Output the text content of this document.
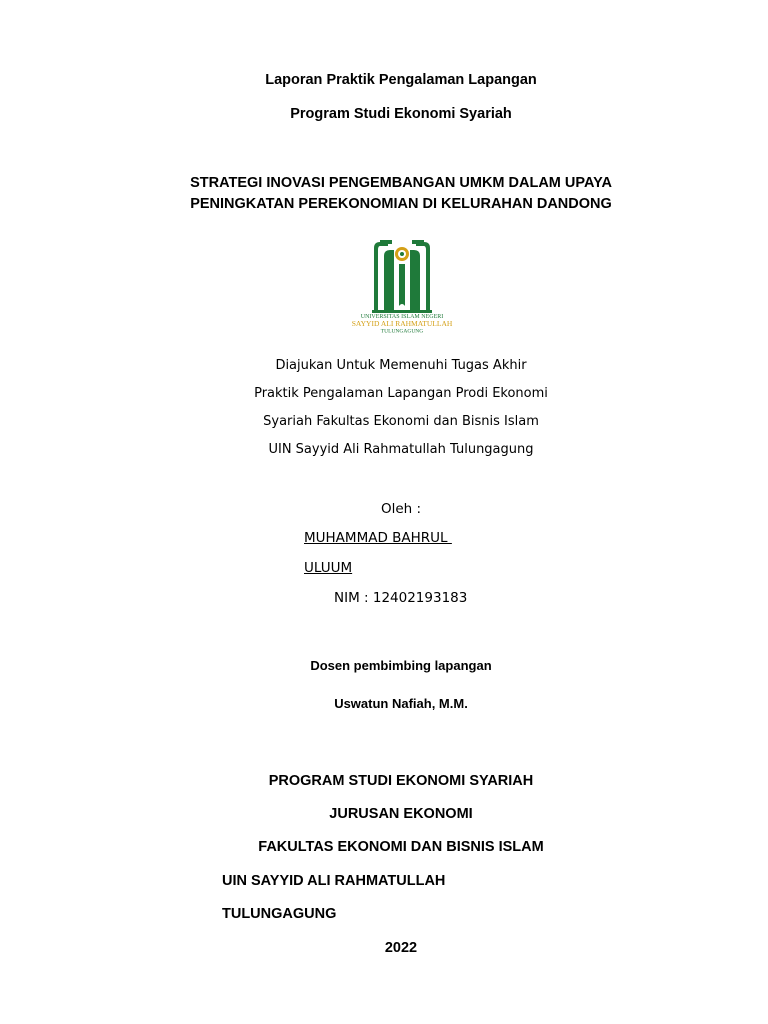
Laporan Praktik Pengalaman Lapangan
Program Studi Ekonomi Syariah
STRATEGI INOVASI PENGEMBANGAN UMKM DALAM UPAYA
PENINGKATAN PEREKONOMIAN DI KELURAHAN DANDONG
UNIVERSITAS ISLAM NEGERI
SAYYID ALI RAHMATULLAH
TULUNGAGUNG
Diajukan Untuk Memenuhi Tugas Akhir
Praktik Pengalaman Lapangan Prodi Ekonomi
Syariah Fakultas Ekonomi dan Bisnis Islam
UIN Sayyid Ali Rahmatullah Tulungagung
Oleh :
MUHAMMAD BAHRUL
ULUUM
NIM : 12402193183
Dosen pembimbing lapangan
Uswatun Nafiah, M.M.
PROGRAM STUDI EKONOMI SYARIAH
JURUSAN EKONOMI
FAKULTAS EKONOMI DAN BISNIS ISLAM
UIN SAYYID ALI RAHMATULLAH
TULUNGAGUNG
2022
